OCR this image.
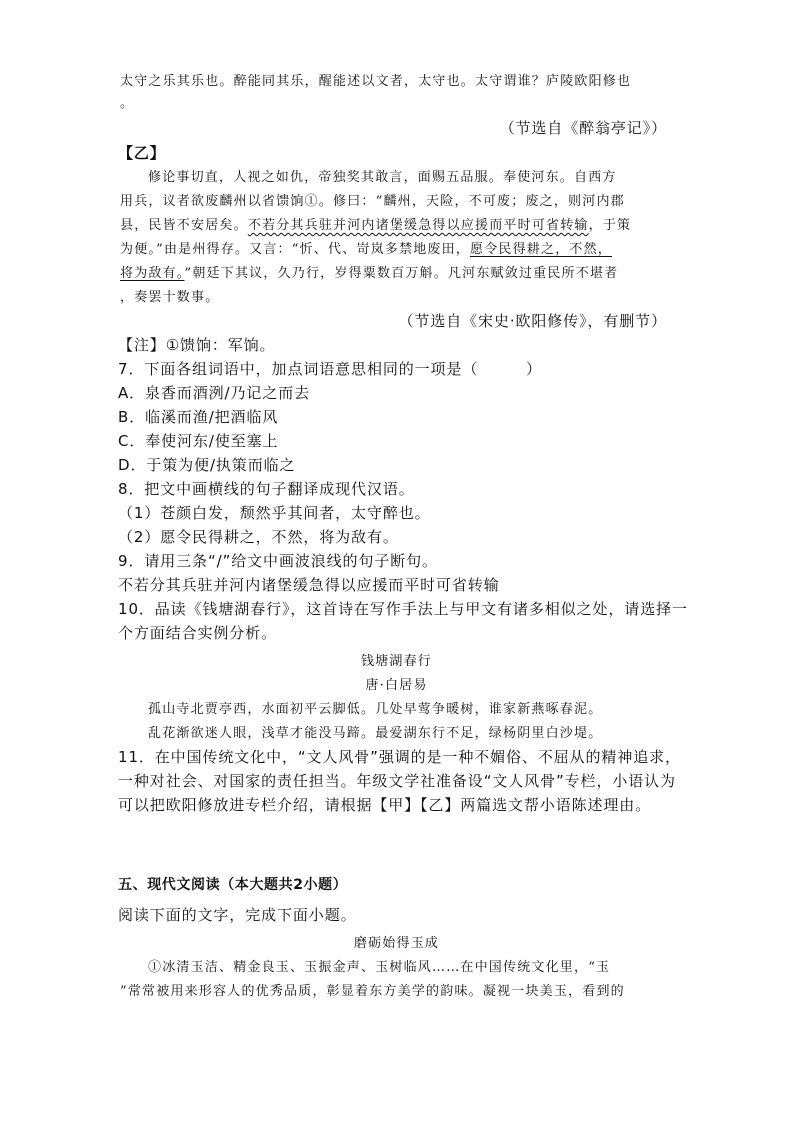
太守之乐其乐也。醉能同其乐，醒能述以文者，太守也。太守谓谁？庐陵欧阳修也
。
（节选自《醉翁亭记》）
【乙】
修论事切直，人视之如仇，帝独奖其敢言，面赐五品服。奉使河东。自西方
用兵，议者欲废麟州以省馈饷①。修曰：“麟州，天险，不可废；废之，则河内郡
县，民皆不安居矣。不若分其兵驻并河内诸堡缓急得以应援而平时可省转输，于策
为便。”由是州得存。又言：“忻、代、岢岚多禁地废田，愿令民得耕之，不然，
将为敌有。”朝廷下其议，久乃行，岁得粟数百万斛。凡河东赋敛过重民所不堪者
，奏罢十数事。
（节选自《宋史·欧阳修传》，有删节）
【注】①馈饷：军饷。
7．下面各组词语中，加点词语意思相同的一项是（　　　）
A．泉香而酒洌/乃记之而去
B．临溪而渔/把酒临风
C．奉使河东/使至塞上
D．于策为便/执策而临之
8．把文中画横线的句子翻译成现代汉语。
（1）苍颜白发，颓然乎其间者，太守醉也。
（2）愿令民得耕之，不然，将为敌有。
9．请用三条“/”给文中画波浪线的句子断句。
不若分其兵驻并河内诸堡缓急得以应援而平时可省转输
10．品读《钱塘湖春行》，这首诗在写作手法上与甲文有诸多相似之处，请选择一
个方面结合实例分析。
钱塘湖春行
唐·白居易
孤山寺北贾亭西，水面初平云脚低。几处早莺争暖树，谁家新燕啄春泥。
乱花渐欲迷人眼，浅草才能没马蹄。最爱湖东行不足，绿杨阴里白沙堤。
11．在中国传统文化中，“文人风骨”强调的是一种不媚俗、不屈从的精神追求，
一种对社会、对国家的责任担当。年级文学社准备设“文人风骨”专栏，小语认为
可以把欧阳修放进专栏介绍，请根据【甲】【乙】两篇选文帮小语陈述理由。
五、现代文阅读（本大题共2小题）
阅读下面的文字，完成下面小题。
磨砺始得玉成
①冰清玉洁、精金良玉、玉振金声、玉树临风……在中国传统文化里，“玉
”常常被用来形容人的优秀品质，彰显着东方美学的韵味。凝视一块美玉，看到的
